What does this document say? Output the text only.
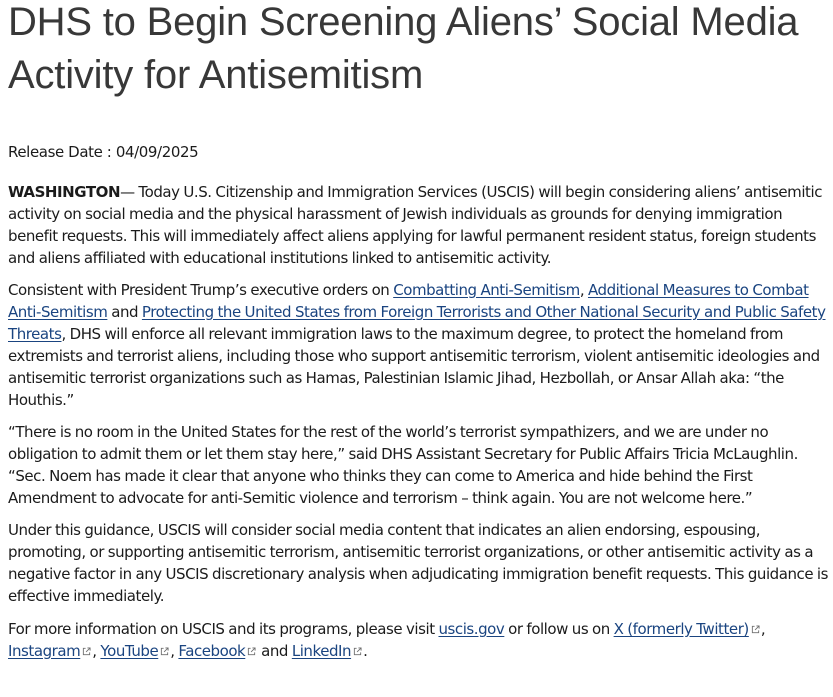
DHS to Begin Screening Aliens’ Social Media Activity for Antisemitism
Release Date : 04/09/2025

WASHINGTON— Today U.S. Citizenship and Immigration Services (USCIS) will begin considering aliens’ antisemitic activity on social media and the physical harassment of Jewish individuals as grounds for denying immigration benefit requests. This will immediately affect aliens applying for lawful permanent resident status, foreign students and aliens affiliated with educational institutions linked to antisemitic activity.

Consistent with President Trump’s executive orders on Combatting Anti-Semitism, Additional Measures to Combat Anti-Semitism and Protecting the United States from Foreign Terrorists and Other National Security and Public Safety Threats, DHS will enforce all relevant immigration laws to the maximum degree, to protect the homeland from extremists and terrorist aliens, including those who support antisemitic terrorism, violent antisemitic ideologies and antisemitic terrorist organizations such as Hamas, Palestinian Islamic Jihad, Hezbollah, or Ansar Allah aka: “the Houthis.”

“There is no room in the United States for the rest of the world’s terrorist sympathizers, and we are under no obligation to admit them or let them stay here,” said DHS Assistant Secretary for Public Affairs Tricia McLaughlin. “Sec. Noem has made it clear that anyone who thinks they can come to America and hide behind the First Amendment to advocate for anti-Semitic violence and terrorism – think again. You are not welcome here.”

Under this guidance, USCIS will consider social media content that indicates an alien endorsing, espousing, promoting, or supporting antisemitic terrorism, antisemitic terrorist organizations, or other antisemitic activity as a negative factor in any USCIS discretionary analysis when adjudicating immigration benefit requests. This guidance is effective immediately.

For more information on USCIS and its programs, please visit uscis.gov or follow us on X (formerly Twitter) , Instagram , YouTube , Facebook
and LinkedIn .
